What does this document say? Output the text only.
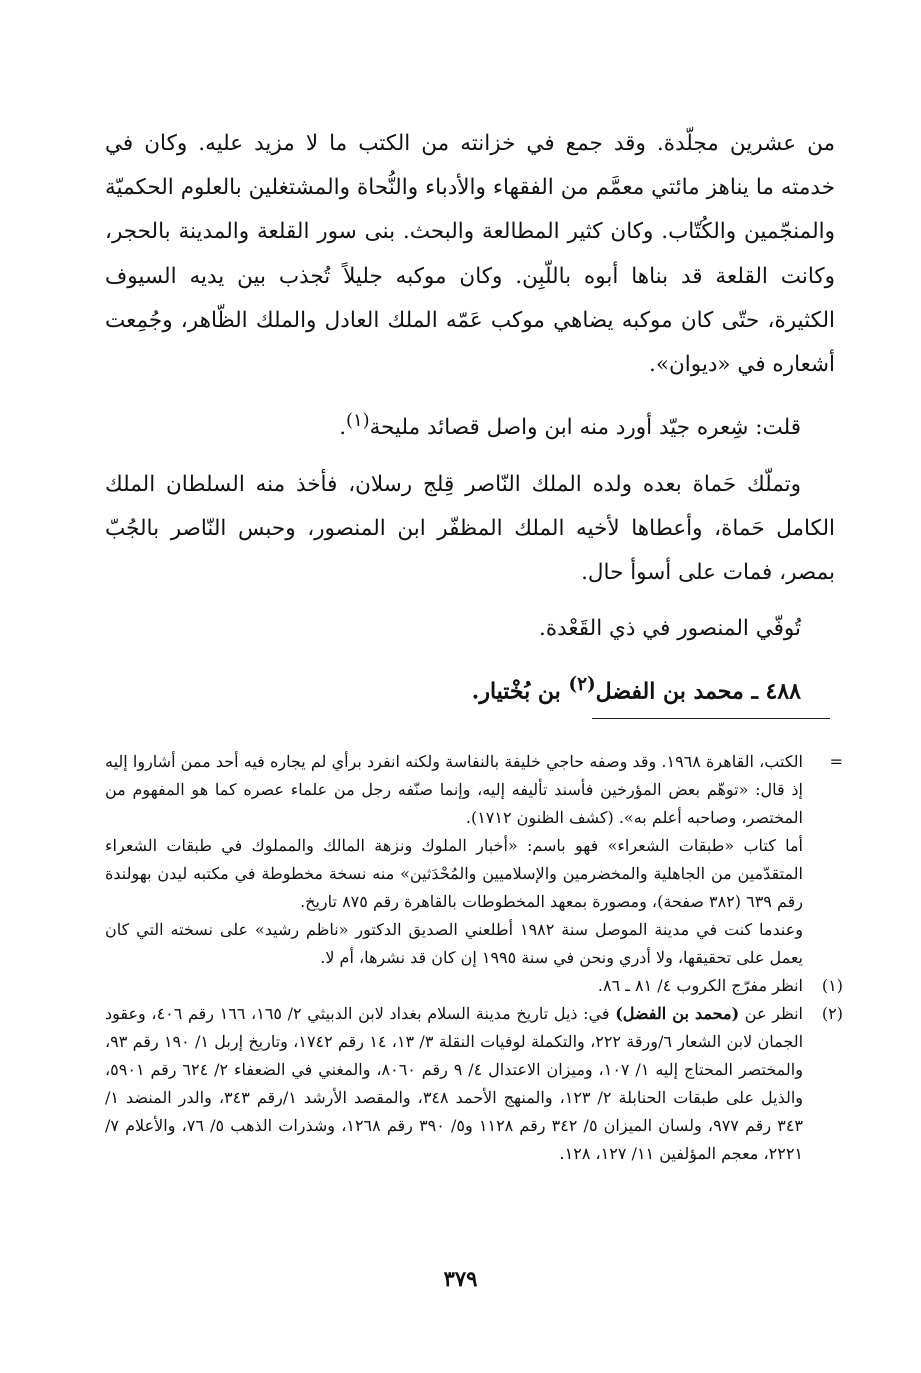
من عشرين مجلّدة. وقد جمع في خزانته من الكتب ما لا مزيد عليه. وكان في خدمته ما يناهز مائتي معمَّم من الفقهاء والأدباء والنُّحاة والمشتغلين بالعلوم الحكميّة والمنجّمين والكُتّاب. وكان كثير المطالعة والبحث. بنى سور القلعة والمدينة بالحجر، وكانت القلعة قد بناها أبوه باللّبِن. وكان موكبه جليلاً تُجذب بين يديه السيوف الكثيرة، حتّى كان موكبه يضاهي موكب عَمّه الملك العادل والملك الظّاهر، وجُمِعت أشعاره في «ديوان».

قلت: شِعره جيّد أورد منه ابن واصل قصائد مليحة$^{(١)}$.

وتملّك حَماة بعده ولده الملك النّاصر قِلج رسلان، فأخذ منه السلطان الملك الكامل حَماة، وأعطاها لأخيه الملك المظفّر ابن المنصور، وحبس النّاصر بالجُبّ بمصر، فمات على أسوأ حال.

تُوفّي المنصور في ذي القَعْدة.

٤٨٨ ـ محمد بن الفضل$^{(٢)}$ بن بُخْتيار.

=

الكتب، القاهرة ١٩٦٨. وقد وصفه حاجي خليفة بالنفاسة ولكنه انفرد برأي لم يجاره فيه أحد ممن أشاروا إليه إذ قال: «توهّم بعض المؤرخين فأسند تأليفه إليه، وإنما صنّفه رجل من علماء عصره كما هو المفهوم من المختصر، وصاحبه أعلم به». (كشف الظنون ١٧١٢).

أما كتاب «طبقات الشعراء» فهو باسم: «أخبار الملوك ونزهة المالك والمملوك في طبقات الشعراء المتقدّمين من الجاهلية والمخضرمين والإسلاميين والمُحْدَثين» منه نسخة مخطوطة في مكتبه ليدن بهولندة رقم ٦٣٩ (٣٨٢ صفحة)، ومصورة بمعهد المخطوطات بالقاهرة رقم ٨٧٥ تاريخ.

وعندما كنت في مدينة الموصل سنة ١٩٨٢ أطلعني الصديق الدكتور «ناظم رشيد» على نسخته التي كان يعمل على تحقيقها، ولا أدري ونحن في سنة ١٩٩٥ إن كان قد نشرها، أم لا.

(١)

انظر مفرّج الكروب ٤/ ٨١ ـ ٨٦.

(٢)

انظر عن (محمد بن الفضل) في: ذيل تاريخ مدينة السلام بغداد لابن الدبيثي ٢/ ١٦٥، ١٦٦ رقم ٤٠٦، وعقود الجمان لابن الشعار ٦/ورقة ٢٢٢، والتكملة لوفيات النقلة ٣/ ١٣، ١٤ رقم ١٧٤٢، وتاريخ إربل ١/ ١٩٠ رقم ٩٣، والمختصر المحتاج إليه ١/ ١٠٧، وميزان الاعتدال ٤/ ٩ رقم ٨٠٦٠، والمغني في الضعفاء ٢/ ٦٢٤ رقم ٥٩٠١، والذيل على طبقات الحنابلة ٢/ ١٢٣، والمنهج الأحمد ٣٤٨، والمقصد الأرشد ١/رقم ٣٤٣، والدر المنضد ١/ ٣٤٣ رقم ٩٧٧، ولسان الميزان ٥/ ٣٤٢ رقم ١١٢٨ و٥/ ٣٩٠ رقم ١٢٦٨، وشذرات الذهب ٥/ ٧٦، والأعلام ٧/ ٢٢٢١، معجم المؤلفين ١١/ ١٢٧، ١٢٨.

٣٧٩
